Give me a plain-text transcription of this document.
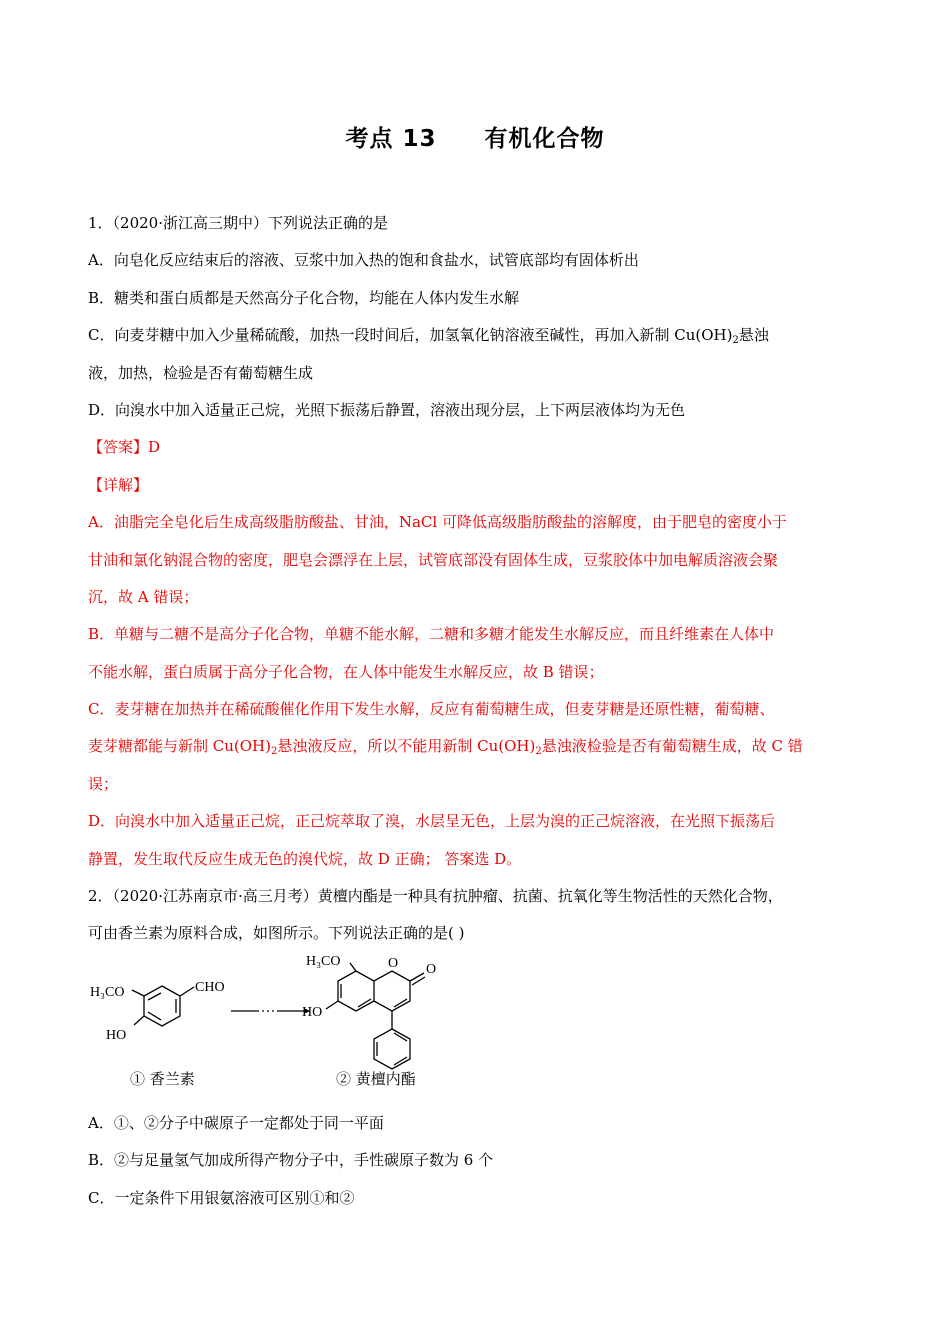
考点 13 有机化合物
1．（2020·浙江高三期中）下列说法正确的是
A．向皂化反应结束后的溶液、豆浆中加入热的饱和食盐水，试管底部均有固体析出
B．糖类和蛋白质都是天然高分子化合物，均能在人体内发生水解
C．向麦芽糖中加入少量稀硫酸，加热一段时间后，加氢氧化钠溶液至碱性，再加入新制 $Cu(OH)_2$悬浊
液，加热，检验是否有葡萄糖生成
D．向溴水中加入适量正己烷，光照下振荡后静置，溶液出现分层，上下两层液体均为无色
【答案】D
【详解】
A．油脂完全皂化后生成高级脂肪酸盐、甘油，NaCl 可降低高级脂肪酸盐的溶解度，由于肥皂的密度小于
甘油和氯化钠混合物的密度，肥皂会漂浮在上层，试管底部没有固体生成，豆浆胶体中加电解质溶液会聚
沉，故 A 错误；
B．单糖与二糖不是高分子化合物，单糖不能水解，二糖和多糖才能发生水解反应，而且纤维素在人体中
不能水解，蛋白质属于高分子化合物，在人体中能发生水解反应，故 B 错误；
C．麦芽糖在加热并在稀硫酸催化作用下发生水解，反应有葡萄糖生成，但麦芽糖是还原性糖，葡萄糖、
麦芽糖都能与新制 $Cu(OH)_2$悬浊液反应，所以不能用新制 $Cu(OH)_2$悬浊液检验是否有葡萄糖生成，故 C 错
误；
D．向溴水中加入适量正己烷，正己烷萃取了溴，水层呈无色，上层为溴的正己烷溶液，在光照下振荡后
静置，发生取代反应生成无色的溴代烷，故 D 正确； 答案选 D。
2．（2020·江苏南京市·高三月考）黄檀内酯是一种具有抗肿瘤、抗菌、抗氧化等生物活性的天然化合物，
可由香兰素为原料合成，如图所示。下列说法正确的是( )
H₃CO	CHO
HO
① 香兰素
—·—···—
H₃CO	O O
HO
② 黄檀内酯
A．①、②分子中碳原子一定都处于同一平面
B．②与足量氢气加成所得产物分子中，手性碳原子数为 6 个
C．一定条件下用银氨溶液可区别①和②
